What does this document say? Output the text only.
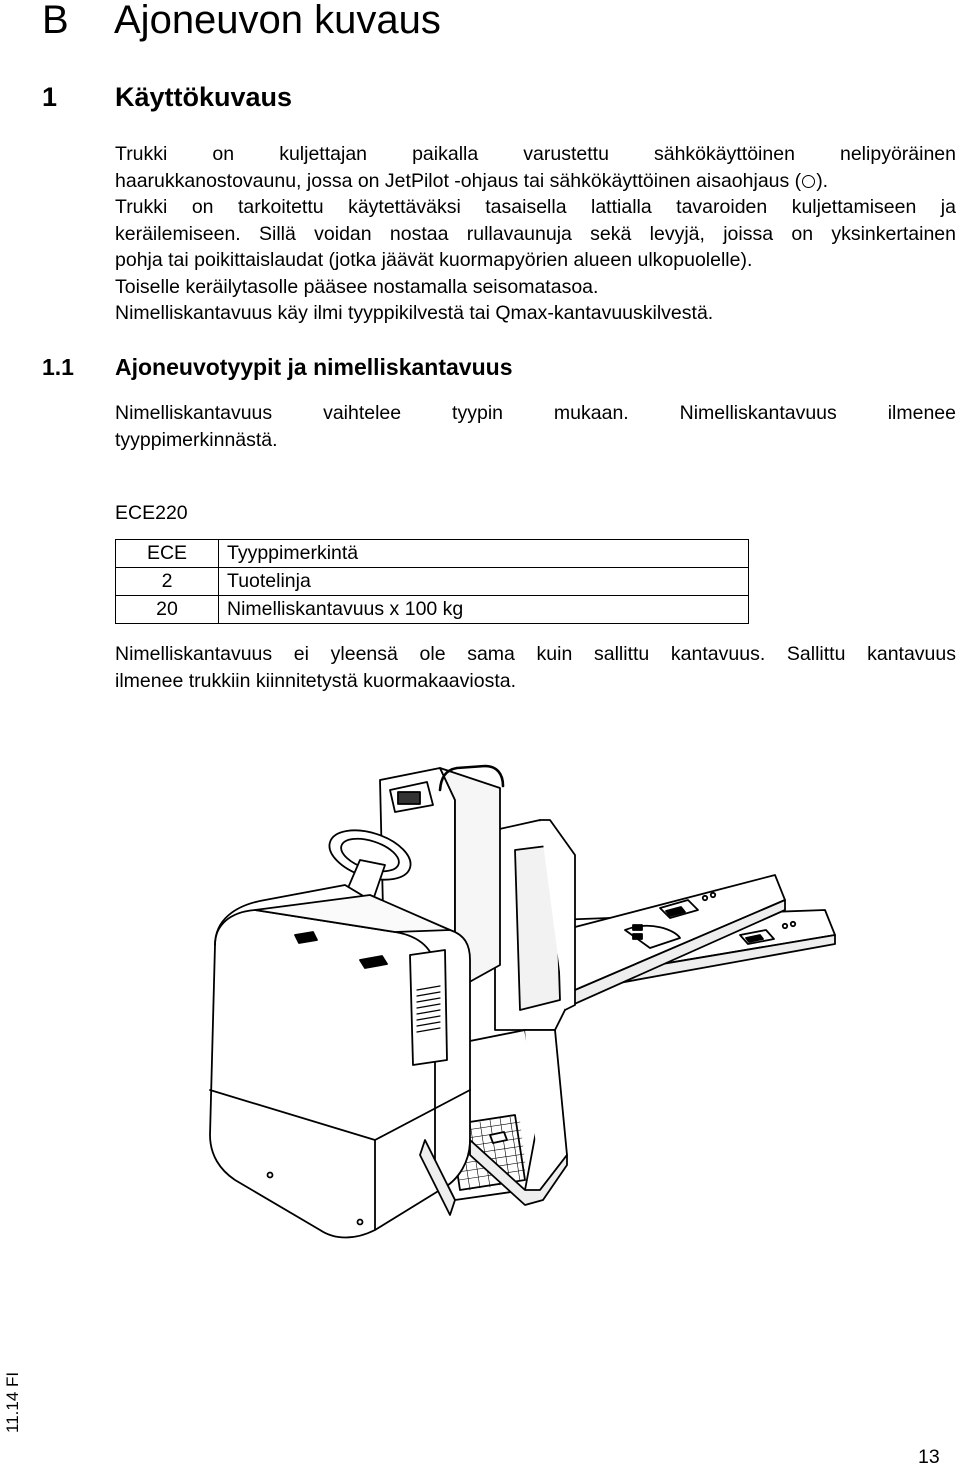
B Ajoneuvon kuvaus
1 Käyttökuvaus
Trukki on kuljettajan paikalla varustettu sähkökäyttöinen nelipyöräinen
haarukkanostovaunu, jossa on JetPilot -ohjaus tai sähkökäyttöinen aisaohjaus ( ).
Trukki on tarkoitettu käytettäväksi tasaisella lattialla tavaroiden kuljettamiseen ja
keräilemiseen. Sillä voidan nostaa rullavaunuja sekä levyjä, joissa on yksinkertainen
pohja tai poikittaislaudat (jotka jäävät kuormapyörien alueen ulkopuolelle).
Toiselle keräilytasolle pääsee nostamalla seisomatasoa.
Nimelliskantavuus käy ilmi tyyppikilvestä tai Qmax-kantavuuskilvestä.
1.1 Ajoneuvotyypit ja nimelliskantavuus
Nimelliskantavuus vaihtelee tyypin mukaan. Nimelliskantavuus ilmenee
tyyppimerkinnästä.
ECE220
ECE	Tyyppimerkintä
2	Tuotelinja
20	Nimelliskantavuus x 100 kg
Nimelliskantavuus ei yleensä ole sama kuin sallittu kantavuus. Sallittu kantavuus
ilmenee trukkiin kiinnitetystä kuormakaaviosta.
11.14 FI
13
